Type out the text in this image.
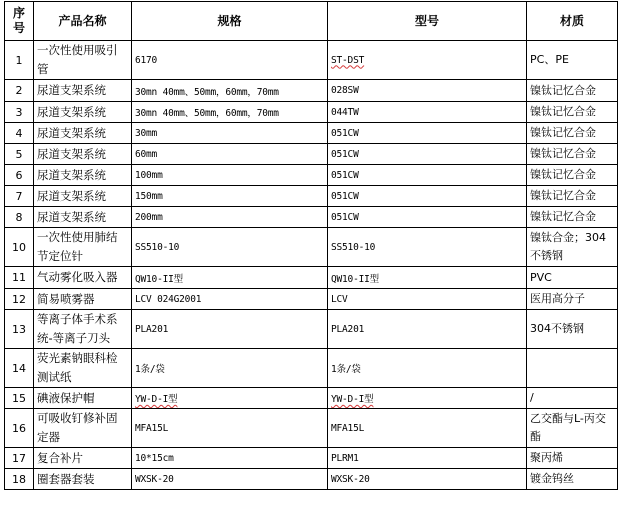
序号	产品名称	规格	型号	材质
1	一次性使用吸引管	6170	ST-DST	PC、PE
2	尿道支架系统	30mn 40mm、50mm，60mm，70mm	028SW	镍钛记忆合金
3	尿道支架系统	30mn 40mm、50mm，60mm，70mm	044TW	镍钛记忆合金
4	尿道支架系统	30mm	051CW	镍钛记忆合金
5	尿道支架系统	60mm	051CW	镍钛记忆合金
6	尿道支架系统	100mm	051CW	镍钛记忆合金
7	尿道支架系统	150mm	051CW	镍钛记忆合金
8	尿道支架系统	200mm	051CW	镍钛记忆合金
10	一次性使用肺结节定位针	SS510-10	SS510-10	镍钛合金；304不锈钢
11	气动雾化吸入器	QW10-II型	QW10-II型	PVC
12	简易喷雾器	LCV 024G2001	LCV	医用高分子
13	等离子体手术系统-等离子刀头	PLA201	PLA201	304不锈钢
14	荧光素钠眼科检测试纸	1条/袋	1条/袋	
15	碘液保护帽	YW-D-I型	YW-D-I型	/
16	可吸收钉修补固定器	MFA15L	MFA15L	乙交酯与L-丙交酯
17	复合补片	10*15cm	PLRM1	聚丙烯
18	圈套器套装	WXSK-20	WXSK-20	镀金钨丝
